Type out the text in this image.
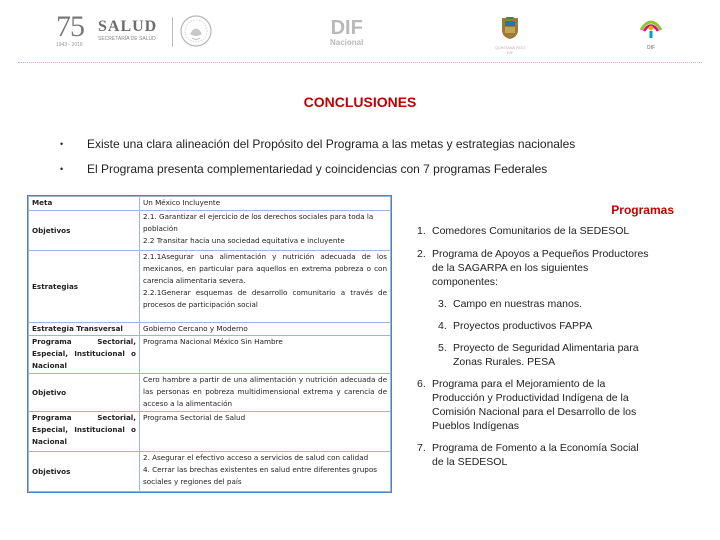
75
1943 - 2018
SALUD
SECRETARÍA DE SALUD	DIF
Nacional
QUINTANA ROO
DIF
DIF
CONCLUSIONES
• Existe una clara alineación del Propósito del Programa a las metas y estrategias nacionales
• El Programa presenta complementariedad y coincidencias con 7 programas Federales
Meta	Un México Incluyente
Objetivos	2.1. Garantizar el ejercicio de los derechos sociales para toda la población
2.2 Transitar hacia una sociedad equitativa e incluyente
Estrategias	2.1.1Asegurar una alimentación y nutrición adecuada de los mexicanos, en particular para aquellos en extrema pobreza o con carencia alimentaria severa.
2.2.1Generar esquemas de desarrollo comunitario a través de procesos de participación social
Estrategia Transversal	Gobierno Cercano y Moderno
Programa Sectorial, Especial, Institucional o Nacional	Programa Nacional México Sin Hambre
Objetivo	Cero hambre a partir de una alimentación y nutrición adecuada de las personas en pobreza multidimensional extrema y carencia de acceso a la alimentación
Programa Sectorial, Especial, Institucional o Nacional	Programa Sectorial de Salud
Objetivos	2. Asegurar el efectivo acceso a servicios de salud con calidad
4. Cerrar las brechas existentes en salud entre diferentes grupos sociales y regiones del país
Programas
1. Comedores Comunitarios de la SEDESOL
2. Programa de Apoyos a Pequeños Productores de la SAGARPA en los siguientes componentes:
3. Campo en nuestras manos.
4. Proyectos productivos FAPPA
5. Proyecto de Seguridad Alimentaria para Zonas Rurales. PESA
6. Programa para el Mejoramiento de la Producción y Productividad Indígena de la Comisión Nacional para el Desarrollo de los Pueblos Indígenas
7. Programa de Fomento a la Economía Social de la SEDESOL
